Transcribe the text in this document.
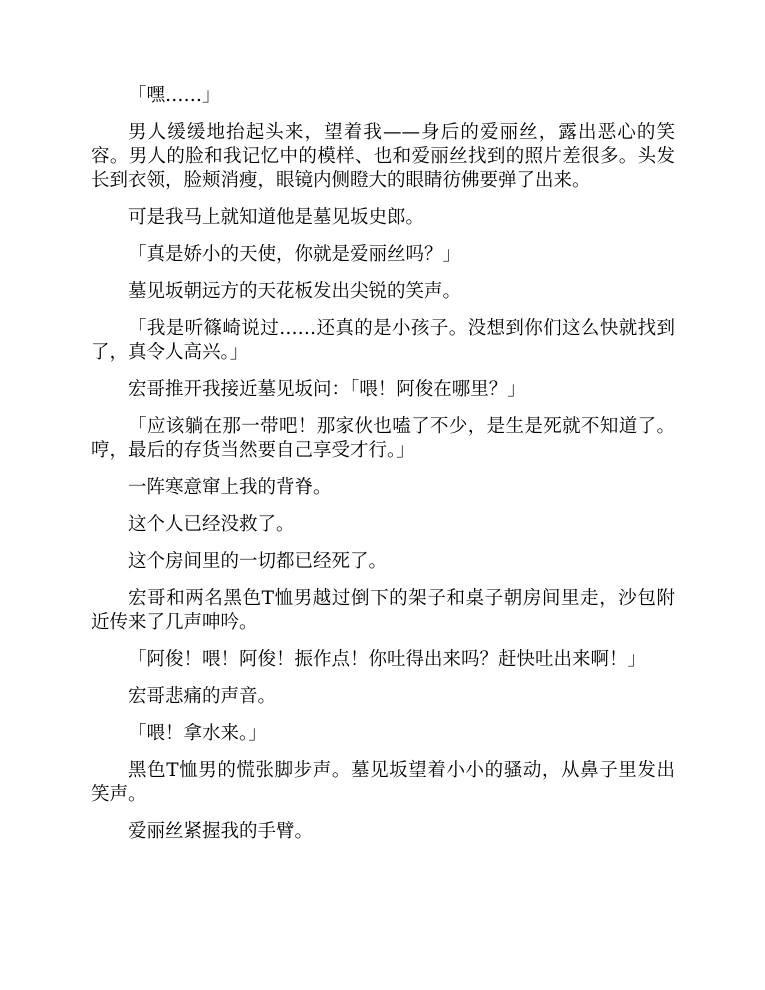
「嘿……」

男人缓缓地抬起头来，望着我——身后的爱丽丝，露出恶心的笑容。男人的脸和我记忆中的模样、也和爱丽丝找到的照片差很多。头发长到衣领，脸颊消瘦，眼镜内侧瞪大的眼睛彷佛要弹了出来。

可是我马上就知道他是墓见坂史郎。

「真是娇小的天使，你就是爱丽丝吗？」

墓见坂朝远方的天花板发出尖锐的笑声。

「我是听篠崎说过……还真的是小孩子。没想到你们这么快就找到了，真令人高兴。」

宏哥推开我接近墓见坂问：「喂！阿俊在哪里？」

「应该躺在那一带吧！那家伙也嗑了不少，是生是死就不知道了。哼，最后的存货当然要自己享受才行。」

一阵寒意窜上我的背脊。

这个人已经没救了。

这个房间里的一切都已经死了。

宏哥和两名黑色T恤男越过倒下的架子和桌子朝房间里走，沙包附近传来了几声呻吟。

「阿俊！喂！阿俊！振作点！你吐得出来吗？赶快吐出来啊！」

宏哥悲痛的声音。

「喂！拿水来。」

黑色T恤男的慌张脚步声。墓见坂望着小小的骚动，从鼻子里发出笑声。

爱丽丝紧握我的手臂。
